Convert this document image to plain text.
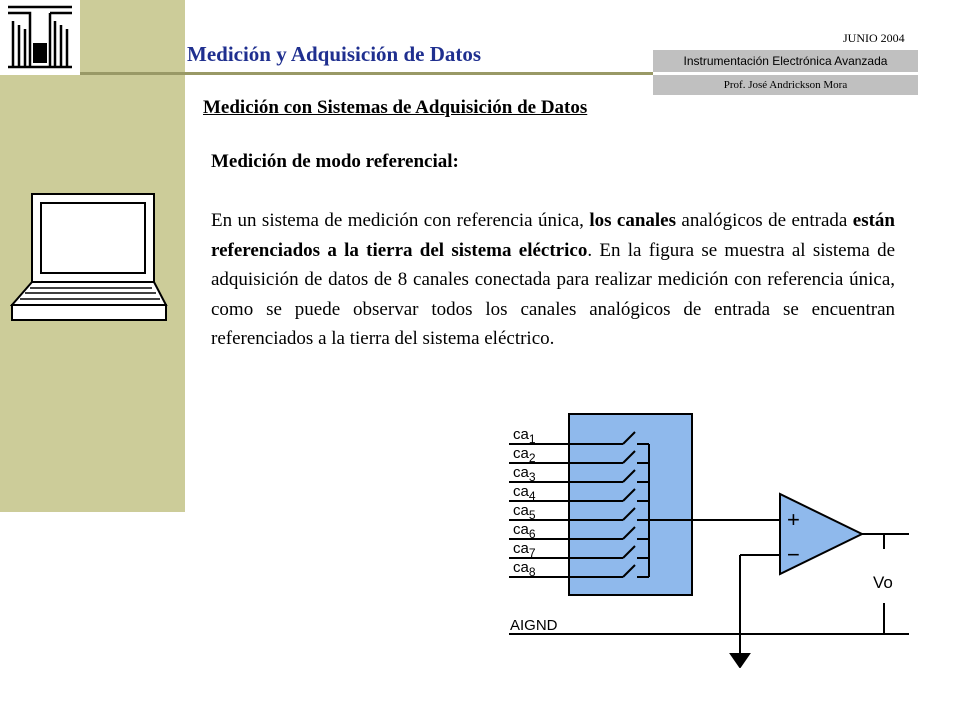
Medición y Adquisición de Datos
JUNIO 2004
Instrumentación Electrónica Avanzada
Prof. José Andrickson Mora
Medición con Sistemas de Adquisición de Datos
Medición de modo referencial:

En un sistema de medición con referencia única, los canales analógicos de entrada están referenciados a la tierra del sistema eléctrico. En la figura se muestra al sistema de adquisición de datos de 8 canales conectada para realizar medición con referencia única, como se puede observar todos los canales analógicos de entrada se encuentran referenciados a la tierra del sistema eléctrico.

$ca_1$
$ca_2$
$ca_3$
$ca_4$
$ca_5$
$ca_6$
$ca_7$
$ca_8$
AIGND
Vo
+
−
